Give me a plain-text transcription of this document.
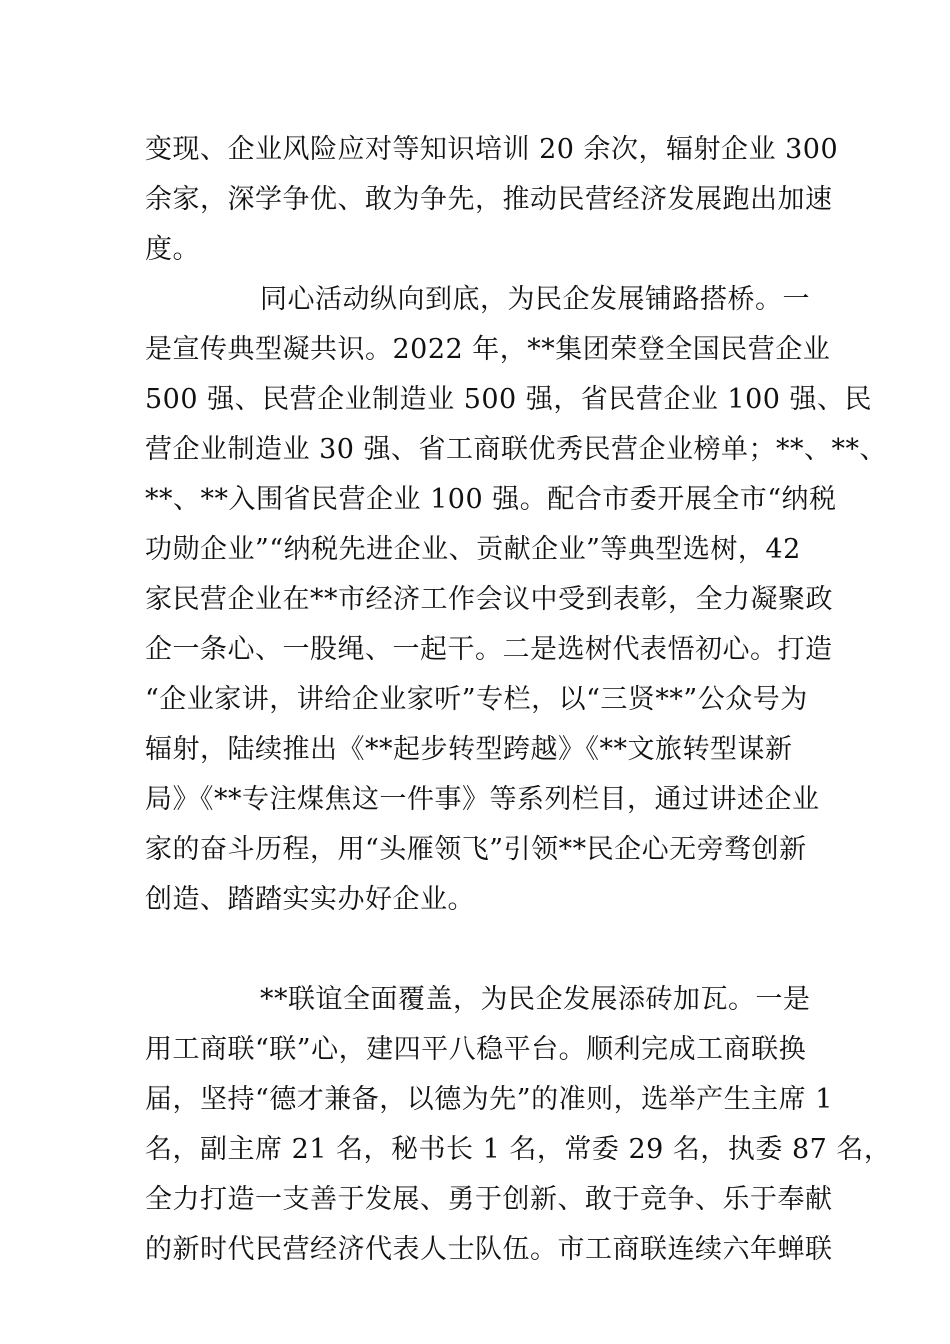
变现、企业风险应对等知识培训 20 余次，辐射企业 300
余家，深学争优、敢为争先，推动民营经济发展跑出加速
度。
同心活动纵向到底，为民企发展铺路搭桥。一
是宣传典型凝共识。2022 年，**集团荣登全国民营企业
500 强、民营企业制造业 500 强，省民营企业 100 强、民
营企业制造业 30 强、省工商联优秀民营企业榜单；**、**、
**、**入围省民营企业 100 强。配合市委开展全市“纳税
功勋企业”“纳税先进企业、贡献企业”等典型选树，42
家民营企业在**市经济工作会议中受到表彰，全力凝聚政
企一条心、一股绳、一起干。二是选树代表悟初心。打造
“企业家讲，讲给企业家听”专栏，以“三贤**”公众号为
辐射，陆续推出《**起步转型跨越》《**文旅转型谋新
局》《**专注煤焦这一件事》等系列栏目，通过讲述企业
家的奋斗历程，用“头雁领飞”引领**民企心无旁骛创新
创造、踏踏实实办好企业。
**联谊全面覆盖，为民企发展添砖加瓦。一是
用工商联“联”心，建四平八稳平台。顺利完成工商联换
届，坚持“德才兼备，以德为先”的准则，选举产生主席 1
名，副主席 21 名，秘书长 1 名，常委 29 名，执委 87 名，
全力打造一支善于发展、勇于创新、敢于竞争、乐于奉献
的新时代民营经济代表人士队伍。市工商联连续六年蝉联
